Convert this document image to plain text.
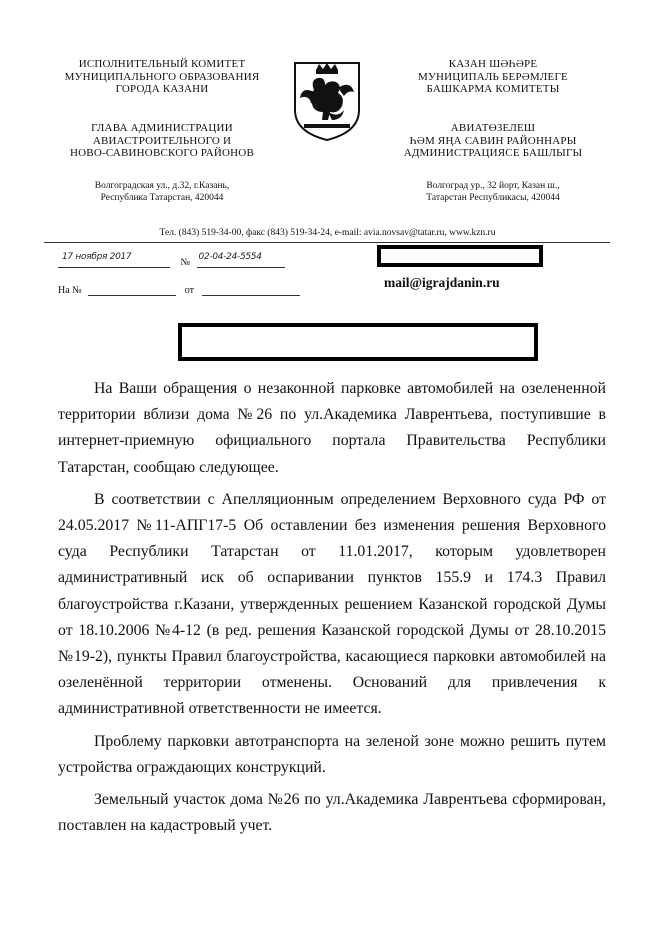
ИСПОЛНИТЕЛЬНЫЙ КОМИТЕТ
МУНИЦИПАЛЬНОГО ОБРАЗОВАНИЯ
ГОРОДА КАЗАНИ
ГЛАВА АДМИНИСТРАЦИИ
АВИАСТРОИТЕЛЬНОГО И
НОВО-САВИНОВСКОГО РАЙОНОВ
Волгоградская ул., д.32, г.Казань,
Республика Татарстан, 420044
КАЗАН ШӘҺӘРЕ
МУНИЦИПАЛЬ БЕРӘМЛЕГЕ
БАШКАРМА КОМИТЕТЫ
АВИАТӨЗЕЛЕШ
ҺӘМ ЯҢА САВИН РАЙОННАРЫ
АДМИНИСТРАЦИЯСЕ БАШЛЫГЫ
Волгоград ур., 32 йорт, Казан ш.,
Татарстан Республикасы, 420044
Тел. (843) 519-34-00, факс (843) 519-34-24, e-mail: avia.novsav@tatar.ru, www.kzn.ru
17 ноября 2017	№ 02-04-24-5554
На №	от
mail@igrajdanin.ru

На Ваши обращения о незаконной парковке автомобилей на озелененной территории вблизи дома №26 по ул.Академика Лаврентьева, поступившие в интернет-приемную официального портала Правительства Республики Татарстан, сообщаю следующее.

В соответствии с Апелляционным определением Верховного суда РФ от 24.05.2017 №11-АПГ17-5 Об оставлении без изменения решения Верховного суда Республики Татарстан от 11.01.2017, которым удовлетворен административный иск об оспаривании пунктов 155.9 и 174.3 Правил благоустройства г.Казани, утвержденных решением Казанской городской Думы от 18.10.2006 №4-12 (в ред. решения Казанской городской Думы от 28.10.2015 №19-2), пункты Правил благоустройства, касающиеся парковки автомобилей на озеленённой территории отменены. Оснований для привлечения к административной ответственности не имеется.

Проблему парковки автотранспорта на зеленой зоне можно решить путем устройства ограждающих конструкций.

Земельный участок дома №26 по ул.Академика Лаврентьева сформирован, поставлен на кадастровый учет.
